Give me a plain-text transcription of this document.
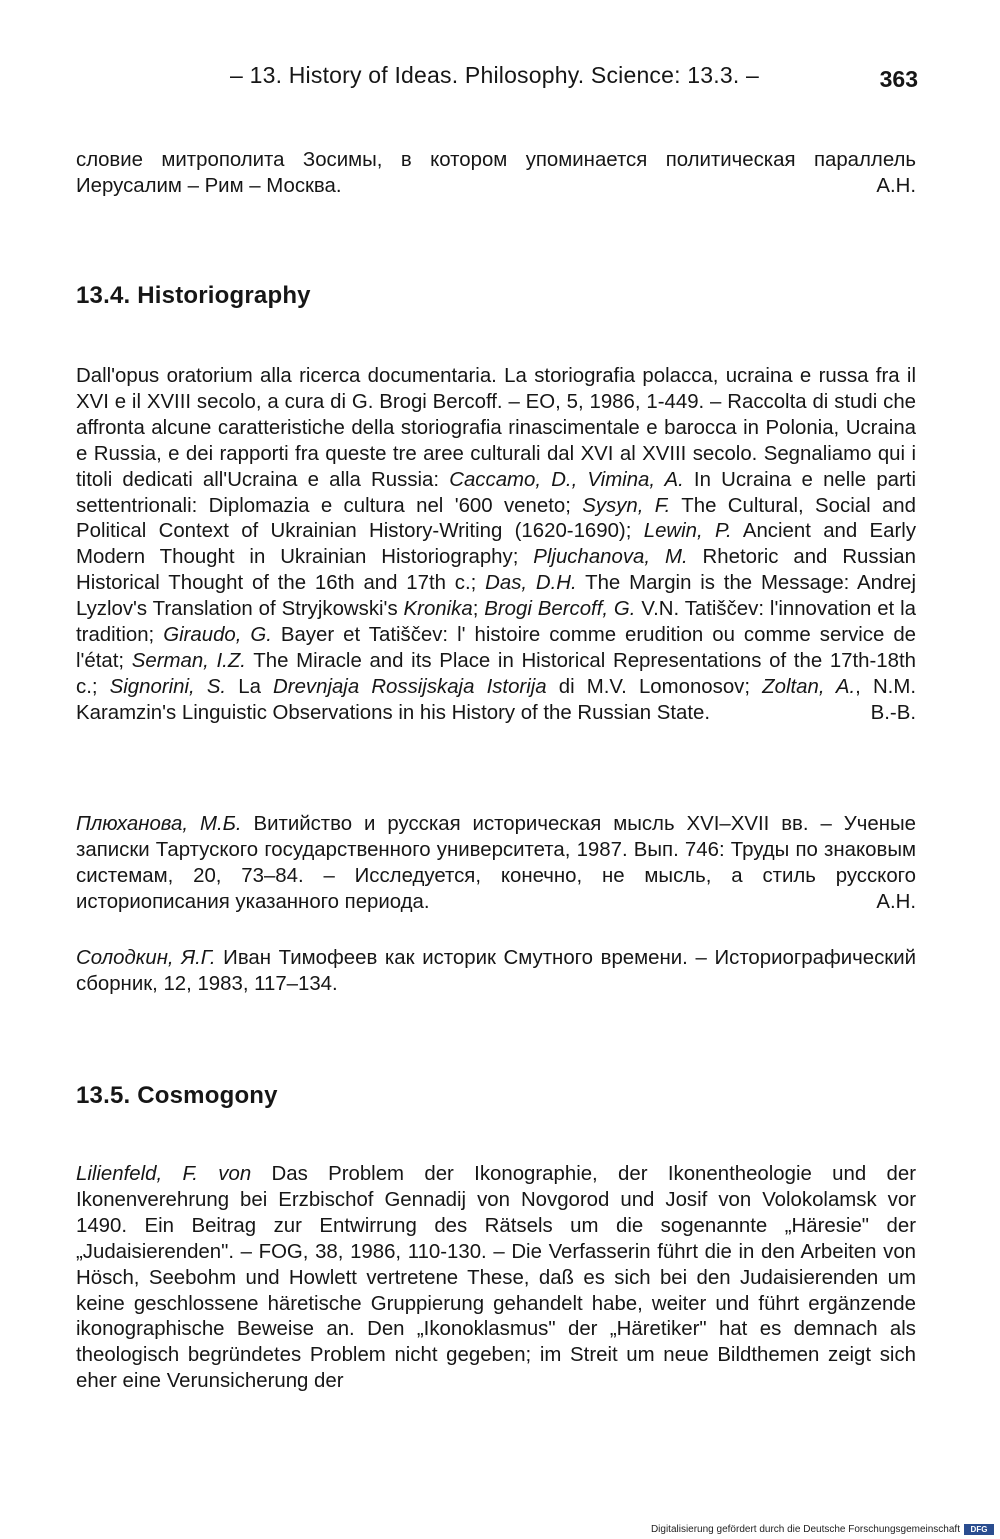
– 13. History of Ideas. Philosophy. Science: 13.3. –	363
слoвие митрополита Зосимы, в котором упоминается политическая параллель Иерусалим – Рим – Москва.	А.Н.
13.4. Historiography
Dall'opus oratorium alla ricerca documentaria. La storiografia polacca, ucraina e russa fra il XVI e il XVIII secolo, a cura di G. Brogi Bercoff. – EO, 5, 1986, 1-449. – Raccolta di studi che affronta alcune caratteristiche della storiografia rinascimentale e barocca in Polonia, Ucraina e Russia, e dei rapporti fra queste tre aree culturali dal XVI al XVIII secolo. Segnaliamo qui i titoli dedicati all'Ucraina e alla Russia: Caccamo, D., Vimina, A. In Ucraina e nelle parti settentrionali: Diplomazia e cultura nel '600 veneto; Sysyn, F. The Cultural, Social and Political Context of Ukrainian History-Writing (1620-1690); Lewin, P. Ancient and Early Modern Thought in Ukrainian Historiography; Pljuchanova, M. Rhetoric and Russian Historical Thought of the 16th and 17th c.; Das, D.H. The Margin is the Message: Andrej Lyzlov's Translation of Stryjkowski's Kronika; Brogi Bercoff, G. V.N. Tatiščev: l'innovation et la tradition; Giraudo, G. Bayer et Tatiščev: l' histoire comme erudition ou comme service de l'état; Serman, I.Z. The Miracle and its Place in Historical Representations of the 17th-18th c.; Signorini, S. La Drevnjaja Rossijskaja Istorija di M.V. Lomonosov; Zoltan, A., N.M. Karamzin's Linguistic Observations in his History of the Russian State.	B.-B.
Плюханова, М.Б. Витийство и русская историческая мысль XVI–XVII вв. – Ученые записки Тартуского государственного университета, 1987. Вып. 746: Труды по знаковым системам, 20, 73–84. – Исследуется, конечно, не мысль, а стиль русского историописания указанного периода.	А.Н.
Солодкин, Я.Г. Иван Тимофеев как историк Смутного времени. – Историографический сборник, 12, 1983, 117–134.
13.5. Cosmogony
Lilienfeld, F. von Das Problem der Ikonographie, der Ikonentheologie und der Ikonenverehrung bei Erzbischof Gennadij von Novgorod und Josif von Volokolamsk vor 1490. Ein Beitrag zur Entwirrung des Rätsels um die sogenannte „Häresie" der „Judaisierenden". – FOG, 38, 1986, 110-130. – Die Verfasserin führt die in den Arbeiten von Hösch, Seebohm und Howlett vertretene These, daß es sich bei den Judaisierenden um keine geschlossene häretische Gruppierung gehandelt habe, weiter und führt ergänzende ikonographische Beweise an. Den „Ikonoklasmus" der „Häretiker" hat es demnach als theologisch begründetes Problem nicht gegeben; im Streit um neue Bildthemen zeigt sich eher eine Verunsicherung der
Digitalisierung gefördert durch die Deutsche Forschungsgemeinschaft	DFG
